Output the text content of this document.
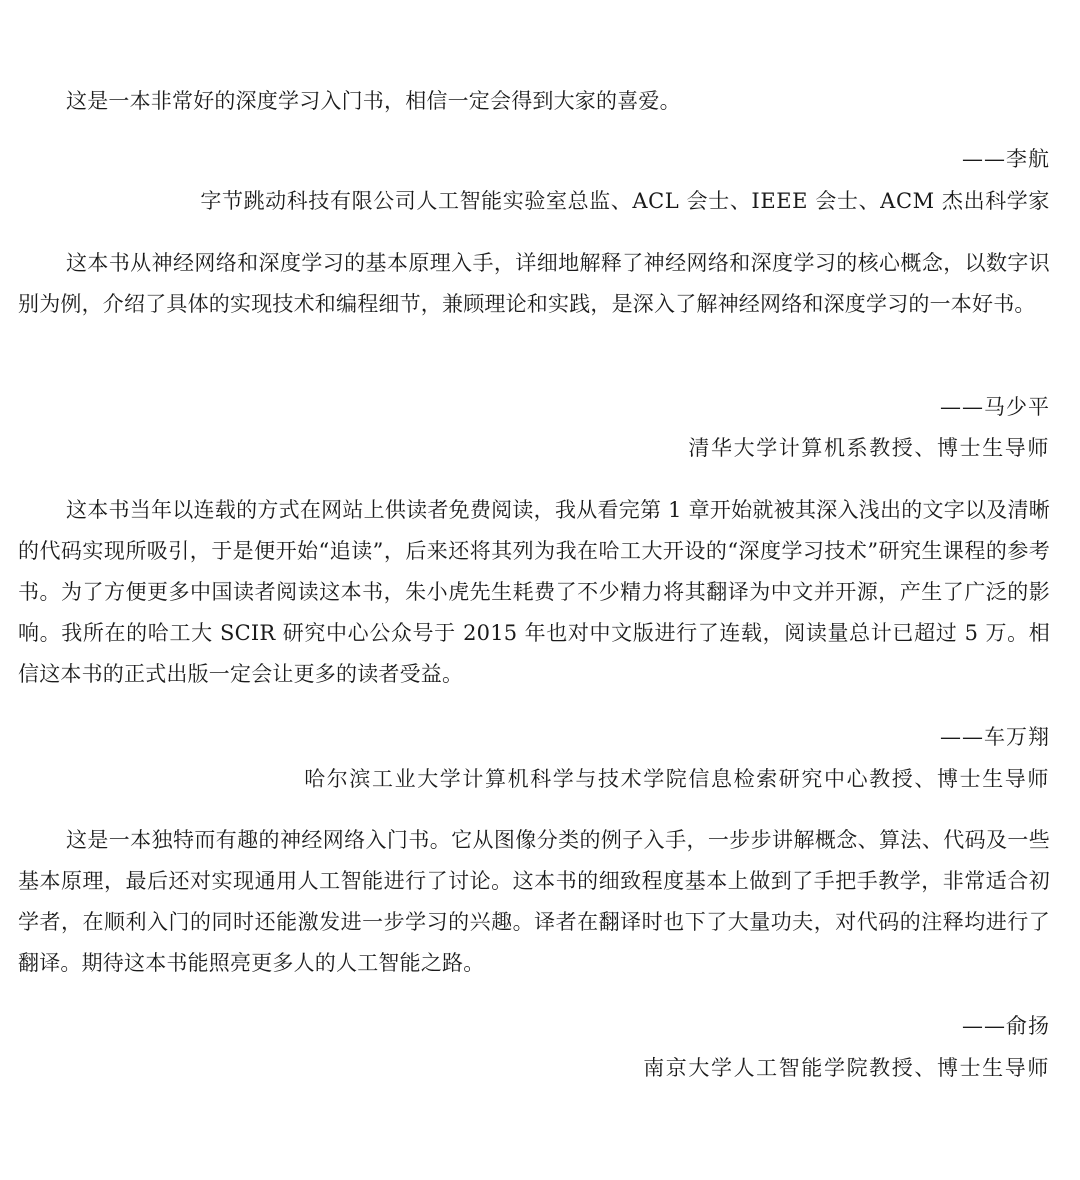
这是一本非常好的深度学习入门书，相信一定会得到大家的喜爱。

——李航

字节跳动科技有限公司人工智能实验室总监、ACL 会士、IEEE 会士、ACM 杰出科学家

这本书从神经网络和深度学习的基本原理入手，详细地解释了神经网络和深度学习的核心概念，以数字识别为例，介绍了具体的实现技术和编程细节，兼顾理论和实践，是深入了解神经网络和深度学习的一本好书。

——马少平

清华大学计算机系教授、博士生导师

这本书当年以连载的方式在网站上供读者免费阅读，我从看完第 1 章开始就被其深入浅出的文字以及清晰的代码实现所吸引，于是便开始“追读”，后来还将其列为我在哈工大开设的“深度学习技术”研究生课程的参考书。为了方便更多中国读者阅读这本书，朱小虎先生耗费了不少精力将其翻译为中文并开源，产生了广泛的影响。我所在的哈工大 SCIR 研究中心公众号于 2015 年也对中文版进行了连载，阅读量总计已超过 5 万。相信这本书的正式出版一定会让更多的读者受益。

——车万翔

哈尔滨工业大学计算机科学与技术学院信息检索研究中心教授、博士生导师

这是一本独特而有趣的神经网络入门书。它从图像分类的例子入手，一步步讲解概念、算法、代码及一些基本原理，最后还对实现通用人工智能进行了讨论。这本书的细致程度基本上做到了手把手教学，非常适合初学者，在顺利入门的同时还能激发进一步学习的兴趣。译者在翻译时也下了大量功夫，对代码的注释均进行了翻译。期待这本书能照亮更多人的人工智能之路。

——俞扬

南京大学人工智能学院教授、博士生导师
